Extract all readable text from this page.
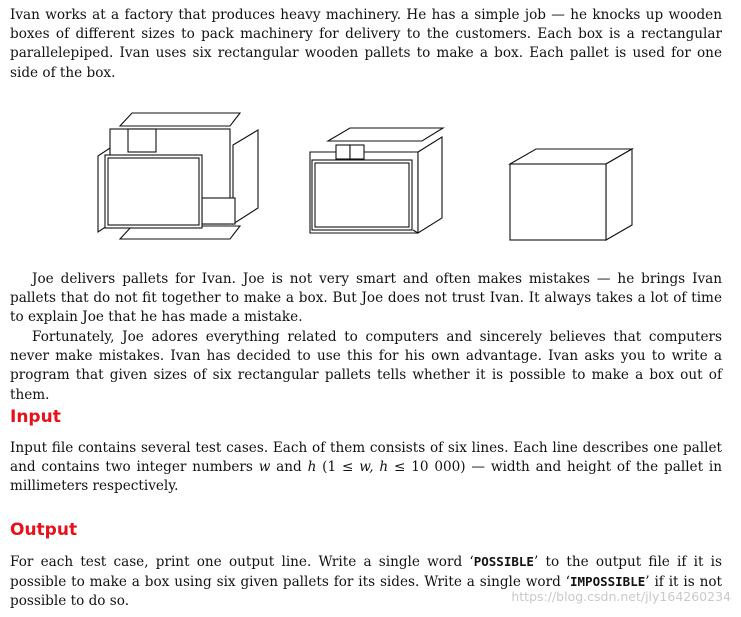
Ivan works at a factory that produces heavy machinery. He has a simple job — he knocks up wooden boxes of different sizes to pack machinery for delivery to the customers. Each box is a rectangular parallelepiped. Ivan uses six rectangular wooden pallets to make a box. Each pallet is used for one side of the box.

Joe delivers pallets for Ivan. Joe is not very smart and often makes mistakes — he brings Ivan pallets that do not fit together to make a box. But Joe does not trust Ivan. It always takes a lot of time to explain Joe that he has made a mistake.

Fortunately, Joe adores everything related to computers and sincerely believes that computers never make mistakes. Ivan has decided to use this for his own advantage. Ivan asks you to write a program that given sizes of six rectangular pallets tells whether it is possible to make a box out of them.

Input

Input file contains several test cases. Each of them consists of six lines. Each line describes one pallet and contains two integer numbers w and h (1 ≤ w, h ≤ 10 000) — width and height of the pallet in millimeters respectively.

Output

For each test case, print one output line. Write a single word ‘POSSIBLE’ to the output file if it is possible to make a box using six given pallets for its sides. Write a single word ‘IMPOSSIBLE’ if it is not possible to do so.	https://blog.csdn.net/jly164260234
